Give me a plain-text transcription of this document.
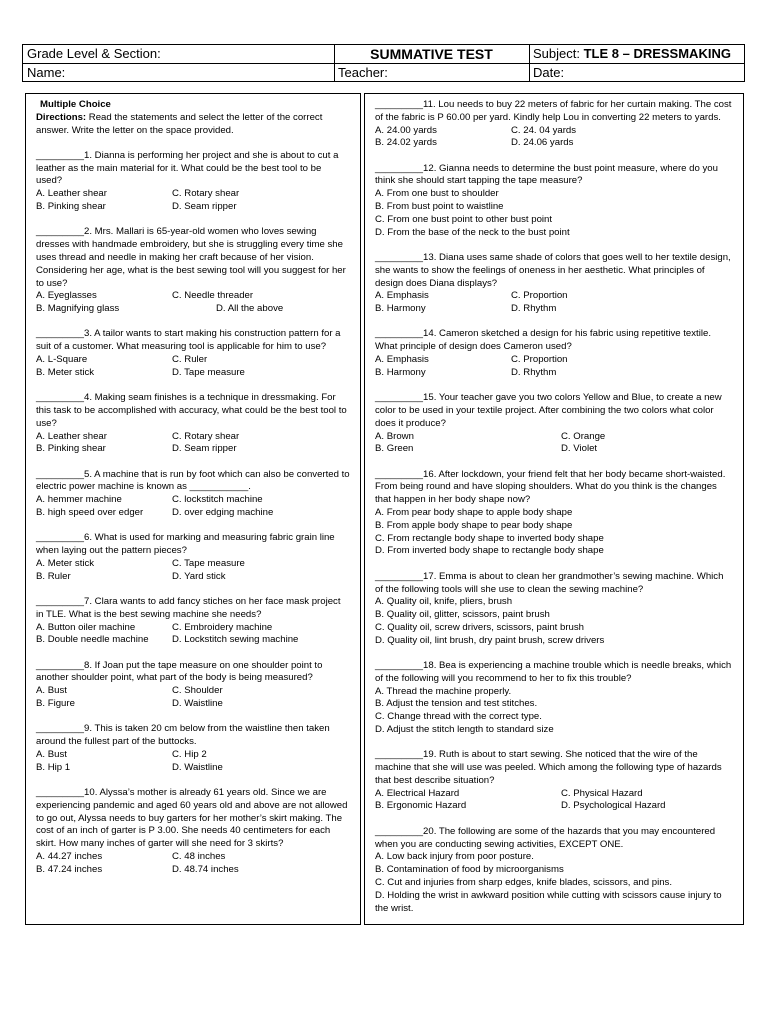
Grade Level & Section:	SUMMATIVE TEST	Subject: TLE 8 – DRESSMAKING
Name:	Teacher:	Date:
Multiple Choice

Directions: Read the statements and select the letter of the correct answer. Write the letter on the space provided.

_________1. Dianna is performing her project and she is about to cut a leather as the main material for it. What could be the best tool to be used?

A. Leather shear	C. Rotary shear
B. Pinking shear	D. Seam ripper

_________2. Mrs. Mallari is 65-year-old women who loves sewing dresses with handmade embroidery, but she is struggling every time she uses thread and needle in making her craft because of her vision. Considering her age, what is the best sewing tool will you suggest for her to use?

A. Eyeglasses	C. Needle threader
B. Magnifying glass	D. All the above

_________3. A tailor wants to start making his construction pattern for a suit of a customer. What measuring tool is applicable for him to use?

A. L-Square	C. Ruler
B. Meter stick	D. Tape measure

_________4. Making seam finishes is a technique in dressmaking. For this task to be accomplished with accuracy, what could be the best tool to use?

A. Leather shear	C. Rotary shear
B. Pinking shear	D. Seam ripper

_________5. A machine that is run by foot which can also be converted to electric power machine is known as ___________.

A. hemmer machine	C. lockstitch machine
B. high speed over edger	D. over edging machine

_________6. What is used for marking and measuring fabric grain line when laying out the pattern pieces?

A. Meter stick	C. Tape measure
B. Ruler	D. Yard stick

_________7. Clara wants to add fancy stiches on her face mask project in TLE. What is the best sewing machine she needs?

A. Button oiler machine	C. Embroidery machine
B. Double needle machine	D. Lockstitch sewing machine

_________8. If Joan put the tape measure on one shoulder point to another shoulder point, what part of the body is being measured?

A. Bust	C. Shoulder
B. Figure	D. Waistline

_________9. This is taken 20 cm below from the waistline then taken around the fullest part of the buttocks.

A. Bust	C. Hip 2
B. Hip 1	D. Waistline

_________10. Alyssa’s mother is already 61 years old. Since we are experiencing pandemic and aged 60 years old and above are not allowed to go out, Alyssa needs to buy garters for her mother’s skirt making. The cost of an inch of garter is P 3.00. She needs 40 centimeters for each skirt. How many inches of garter will she need for 3 skirts?

A. 44.27 inches	C. 48 inches
B. 47.24 inches	D. 48.74 inches

_________11. Lou needs to buy 22 meters of fabric for her curtain making. The cost of the fabric is P 60.00 per yard. Kindly help Lou in converting 22 meters to yards.

A. 24.00 yards	C. 24. 04 yards
B. 24.02 yards	D. 24.06 yards

_________12. Gianna needs to determine the bust point measure, where do you think she should start tapping the tape measure?

A. From one bust to shoulder
B. From bust point to waistline
C. From one bust point to other bust point
D. From the base of the neck to the bust point

_________13. Diana uses same shade of colors that goes well to her textile design, she wants to show the feelings of oneness in her aesthetic. What principles of design does Diana displays?

A. Emphasis	C. Proportion
B. Harmony	D. Rhythm

_________14. Cameron sketched a design for his fabric using repetitive textile. What principle of design does Cameron used?

A. Emphasis	C. Proportion
B. Harmony	D. Rhythm

_________15. Your teacher gave you two colors Yellow and Blue, to create a new color to be used in your textile project. After combining the two colors what color does it produce?

A. Brown	C. Orange
B. Green	D. Violet

_________16. After lockdown, your friend felt that her body became short-waisted. From being round and have sloping shoulders. What do you think is the changes that happen in her body shape now?

A. From pear body shape to apple body shape
B. From apple body shape to pear body shape
C. From rectangle body shape to inverted body shape
D. From inverted body shape to rectangle body shape

_________17. Emma is about to clean her grandmother’s sewing machine. Which of the following tools will she use to clean the sewing machine?

A. Quality oil, knife, pliers, brush
B. Quality oil, glitter, scissors, paint brush
C. Quality oil, screw drivers, scissors, paint brush
D. Quality oil, lint brush, dry paint brush, screw drivers

_________18. Bea is experiencing a machine trouble which is needle breaks, which of the following will you recommend to her to fix this trouble?

A. Thread the machine properly.
B. Adjust the tension and test stitches.
C. Change thread with the correct type.
D. Adjust the stitch length to standard size

_________19. Ruth is about to start sewing. She noticed that the wire of the machine that she will use was peeled. Which among the following type of hazards that best describe situation?

A. Electrical Hazard	C. Physical Hazard
B. Ergonomic Hazard	D. Psychological Hazard

_________20. The following are some of the hazards that you may encountered when you are conducting sewing activities, EXCEPT ONE.

A. Low back injury from poor posture.
B. Contamination of food by microorganisms
C. Cut and injuries from sharp edges, knife blades, scissors, and pins.
D. Holding the wrist in awkward position while cutting with scissors cause injury to the wrist.
